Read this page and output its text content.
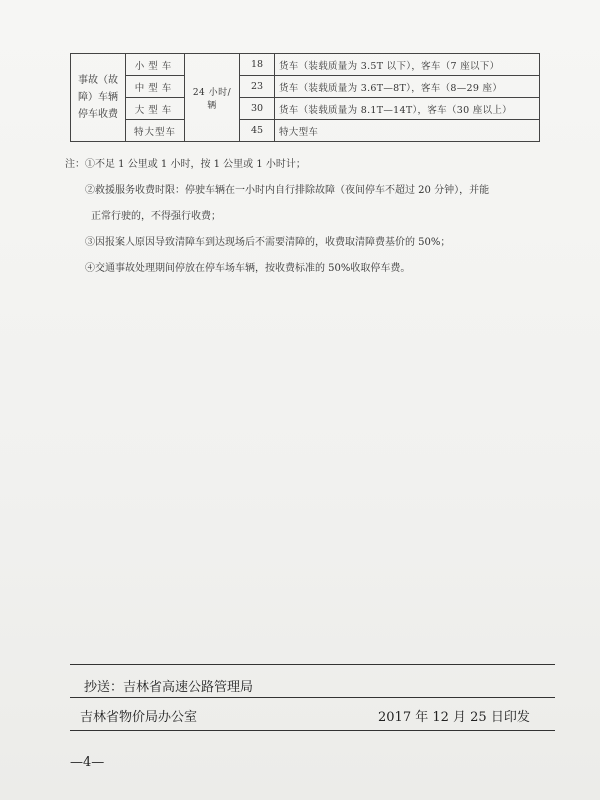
事故（故障）车辆停车收费	小型车	24 小时/辆	18	货车（装载质量为 3.5T 以下），客车（7 座以下）
	中型车		23	货车（装载质量为 3.6T—8T），客车（8—29 座）
	大型车		30	货车（装载质量为 8.1T—14T），客车（30 座以上）
	特大型车		45	特大型车
注：①不足 1 公里或 1 小时，按 1 公里或 1 小时计；
②救援服务收费时限：停驶车辆在一小时内自行排除故障（夜间停车不超过 20 分钟），并能
正常行驶的，不得强行收费；
③因报案人原因导致清障车到达现场后不需要清障的，收费取清障费基价的 50%；
④交通事故处理期间停放在停车场车辆，按收费标准的 50%收取停车费。
抄送：吉林省高速公路管理局
吉林省物价局办公室	2017 年 12 月 25 日印发
—4—
